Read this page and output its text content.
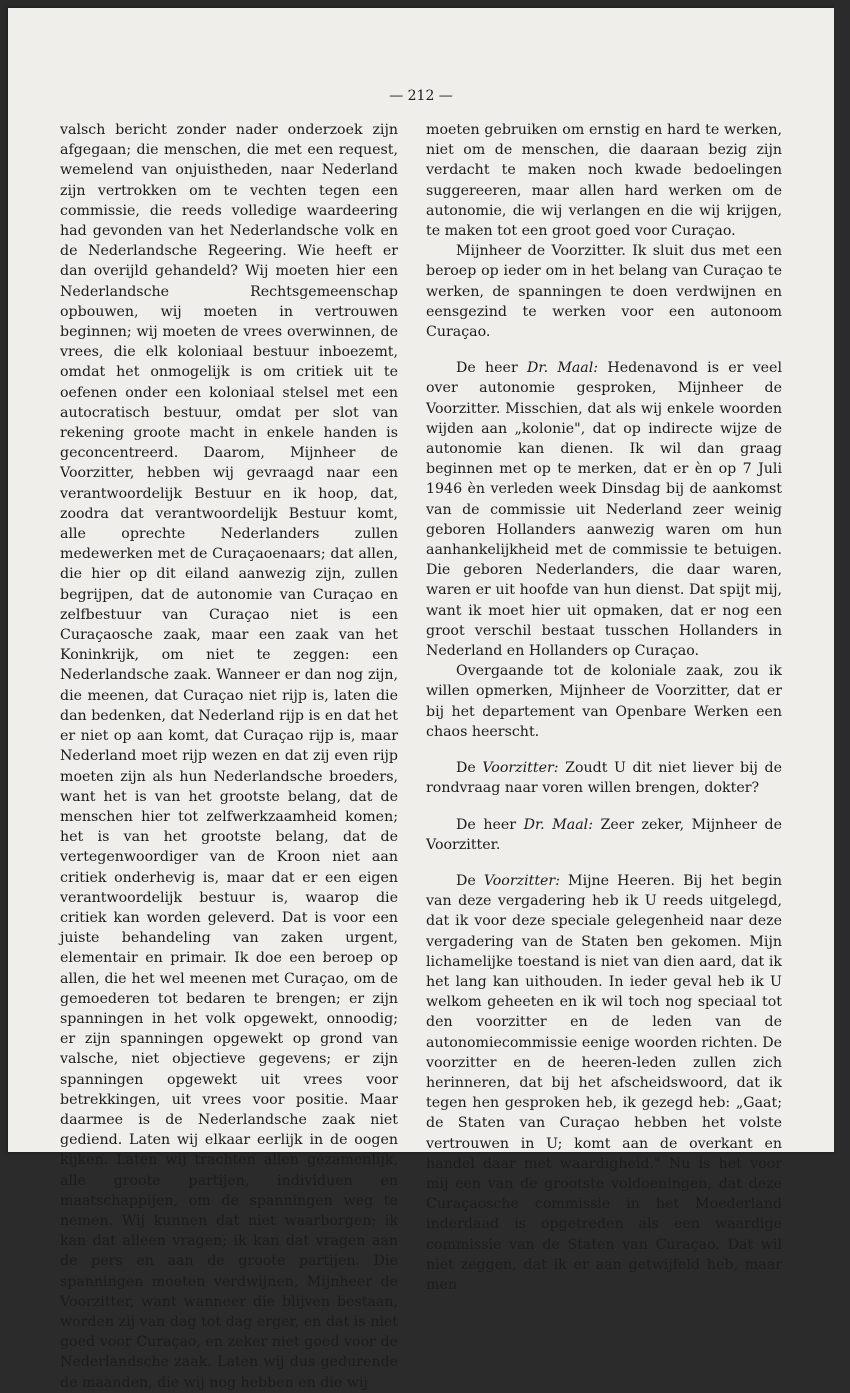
— 212 —

valsch bericht zonder nader onderzoek zijn afgegaan; die menschen, die met een request, wemelend van onjuistheden, naar Nederland zijn vertrokken om te vechten tegen een commissie, die reeds volledige waardeering had gevonden van het Nederlandsche volk en de Nederlandsche Regeering. Wie heeft er dan overijld gehandeld? Wij moeten hier een Nederlandsche Rechtsgemeenschap opbouwen, wij moeten in vertrouwen beginnen; wij moeten de vrees overwinnen, de vrees, die elk koloniaal bestuur inboezemt, omdat het onmogelijk is om critiek uit te oefenen onder een koloniaal stelsel met een autocratisch bestuur, omdat per slot van rekening groote macht in enkele handen is geconcentreerd. Daarom, Mijnheer de Voorzitter, hebben wij gevraagd naar een verantwoordelijk Bestuur en ik hoop, dat, zoodra dat verantwoordelijk Bestuur komt, alle oprechte Nederlanders zullen medewerken met de Curaçaoenaars; dat allen, die hier op dit eiland aanwezig zijn, zullen begrijpen, dat de autonomie van Curaçao en zelfbestuur van Curaçao niet is een Curaçaosche zaak, maar een zaak van het Koninkrijk, om niet te zeggen: een Nederlandsche zaak. Wanneer er dan nog zijn, die meenen, dat Curaçao niet rijp is, laten die dan bedenken, dat Nederland rijp is en dat het er niet op aan komt, dat Curaçao rijp is, maar Nederland moet rijp wezen en dat zij even rijp moeten zijn als hun Nederlandsche broeders, want het is van het grootste belang, dat de menschen hier tot zelfwerkzaamheid komen; het is van het grootste belang, dat de vertegenwoordiger van de Kroon niet aan critiek onderhevig is, maar dat er een eigen verantwoordelijk bestuur is, waarop die critiek kan worden geleverd. Dat is voor een juiste behandeling van zaken urgent, elementair en primair. Ik doe een beroep op allen, die het wel meenen met Curaçao, om de gemoederen tot bedaren te brengen; er zijn spanningen in het volk opgewekt, onnoodig; er zijn spanningen opgewekt op grond van valsche, niet objectieve gegevens; er zijn spanningen opgewekt uit vrees voor betrekkingen, uit vrees voor positie. Maar daarmee is de Nederlandsche zaak niet gediend. Laten wij elkaar eerlijk in de oogen kijken. Laten wij trachten allen gezamenlijk, alle groote partijen, individuen en maatschappijen, om de spanningen weg te nemen. Wij kunnen dat niet waarborgen; ik kan dat alleen vragen; ik kan dat vragen aan de pers en aan de groote partijen. Die spanningen moeten verdwijnen, Mijnheer de Voorzitter, want wanneer die blijven bestaan, worden zij van dag tot dag erger, en dat is niet goed voor Curaçao, en zeker niet goed voor de Nederlandsche zaak. Laten wij dus gedurende de maanden, die wij nog hebben en die wij

moeten gebruiken om ernstig en hard te werken, niet om de menschen, die daaraan bezig zijn verdacht te maken noch kwade bedoelingen suggereeren, maar allen hard werken om de autonomie, die wij verlangen en die wij krijgen, te maken tot een groot goed voor Curaçao.

Mijnheer de Voorzitter. Ik sluit dus met een beroep op ieder om in het belang van Curaçao te werken, de spanningen te doen verdwijnen en eensgezind te werken voor een autonoom Curaçao.

De heer Dr. Maal: Hedenavond is er veel over autonomie gesproken, Mijnheer de Voorzitter. Misschien, dat als wij enkele woorden wijden aan „kolonie", dat op indirecte wijze de autonomie kan dienen. Ik wil dan graag beginnen met op te merken, dat er èn op 7 Juli 1946 èn verleden week Dinsdag bij de aankomst van de commissie uit Nederland zeer weinig geboren Hollanders aanwezig waren om hun aanhankelijkheid met de commissie te betuigen. Die geboren Nederlanders, die daar waren, waren er uit hoofde van hun dienst. Dat spijt mij, want ik moet hier uit opmaken, dat er nog een groot verschil bestaat tusschen Hollanders in Nederland en Hollanders op Curaçao.

Overgaande tot de koloniale zaak, zou ik willen opmerken, Mijnheer de Voorzitter, dat er bij het departement van Openbare Werken een chaos heerscht.

De Voorzitter: Zoudt U dit niet liever bij de rondvraag naar voren willen brengen, dokter?

De heer Dr. Maal: Zeer zeker, Mijnheer de Voorzitter.

De Voorzitter: Mijne Heeren. Bij het begin van deze vergadering heb ik U reeds uitgelegd, dat ik voor deze speciale gelegenheid naar deze vergadering van de Staten ben gekomen. Mijn lichamelijke toestand is niet van dien aard, dat ik het lang kan uithouden. In ieder geval heb ik U welkom geheeten en ik wil toch nog speciaal tot den voorzitter en de leden van de autonomiecommissie eenige woorden richten. De voorzitter en de heeren-leden zullen zich herinneren, dat bij het afscheidswoord, dat ik tegen hen gesproken heb, ik gezegd heb: „Gaat; de Staten van Curaçao hebben het volste vertrouwen in U; komt aan de overkant en handel daar met waardigheid." Nu is het voor mij een van de grootste voldoeningen, dat deze Curaçaosche commissie in het Moederland inderdaad is opgetreden als een waardige commissie van de Staten van Curaçao. Dat wil niet zeggen, dat ik er aan getwijfeld heb, maar men
